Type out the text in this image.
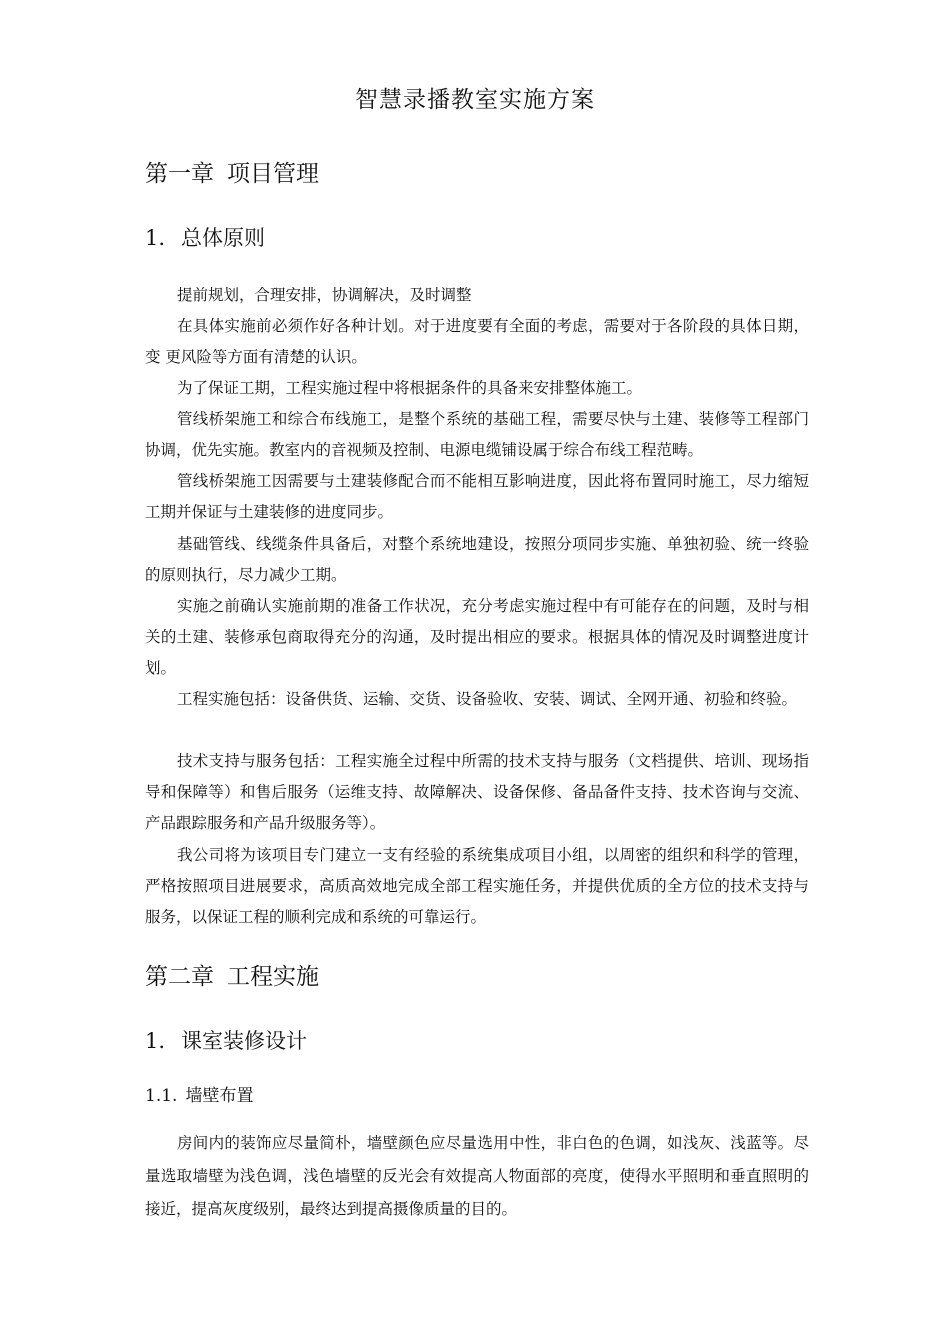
智慧录播教室实施方案
第一章 项目管理
1. 总体原则

提前规划，合理安排，协调解决，及时调整

在具体实施前必须作好各种计划。对于进度要有全面的考虑，需要对于各阶段的具体日期，变 更风险等方面有清楚的认识。

为了保证工期，工程实施过程中将根据条件的具备来安排整体施工。

管线桥架施工和综合布线施工，是整个系统的基础工程，需要尽快与土建、装修等工程部门协调，优先实施。教室内的音视频及控制、电源电缆铺设属于综合布线工程范畴。

管线桥架施工因需要与土建装修配合而不能相互影响进度，因此将布置同时施工，尽力缩短工期并保证与土建装修的进度同步。

基础管线、线缆条件具备后，对整个系统地建设，按照分项同步实施、单独初验、统一终验的原则执行，尽力减少工期。

实施之前确认实施前期的准备工作状况，充分考虑实施过程中有可能存在的问题，及时与相关的土建、装修承包商取得充分的沟通，及时提出相应的要求。根据具体的情况及时调整进度计划。

工程实施包括：设备供货、运输、交货、设备验收、安装、调试、全网开通、初验和终验。

技术支持与服务包括：工程实施全过程中所需的技术支持与服务（文档提供、培训、现场指导和保障等）和售后服务（运维支持、故障解决、设备保修、备品备件支持、技术咨询与交流、产品跟踪服务和产品升级服务等）。

我公司将为该项目专门建立一支有经验的系统集成项目小组，以周密的组织和科学的管理，严格按照项目进展要求，高质高效地完成全部工程实施任务，并提供优质的全方位的技术支持与服务，以保证工程的顺利完成和系统的可靠运行。

第二章 工程实施
1. 课室装修设计
1.1. 墙壁布置

房间内的装饰应尽量简朴，墙壁颜色应尽量选用中性，非白色的色调，如浅灰、浅蓝等。尽量选取墙壁为浅色调，浅色墙壁的反光会有效提高人物面部的亮度，使得水平照明和垂直照明的接近，提高灰度级别，最终达到提高摄像质量的目的。
